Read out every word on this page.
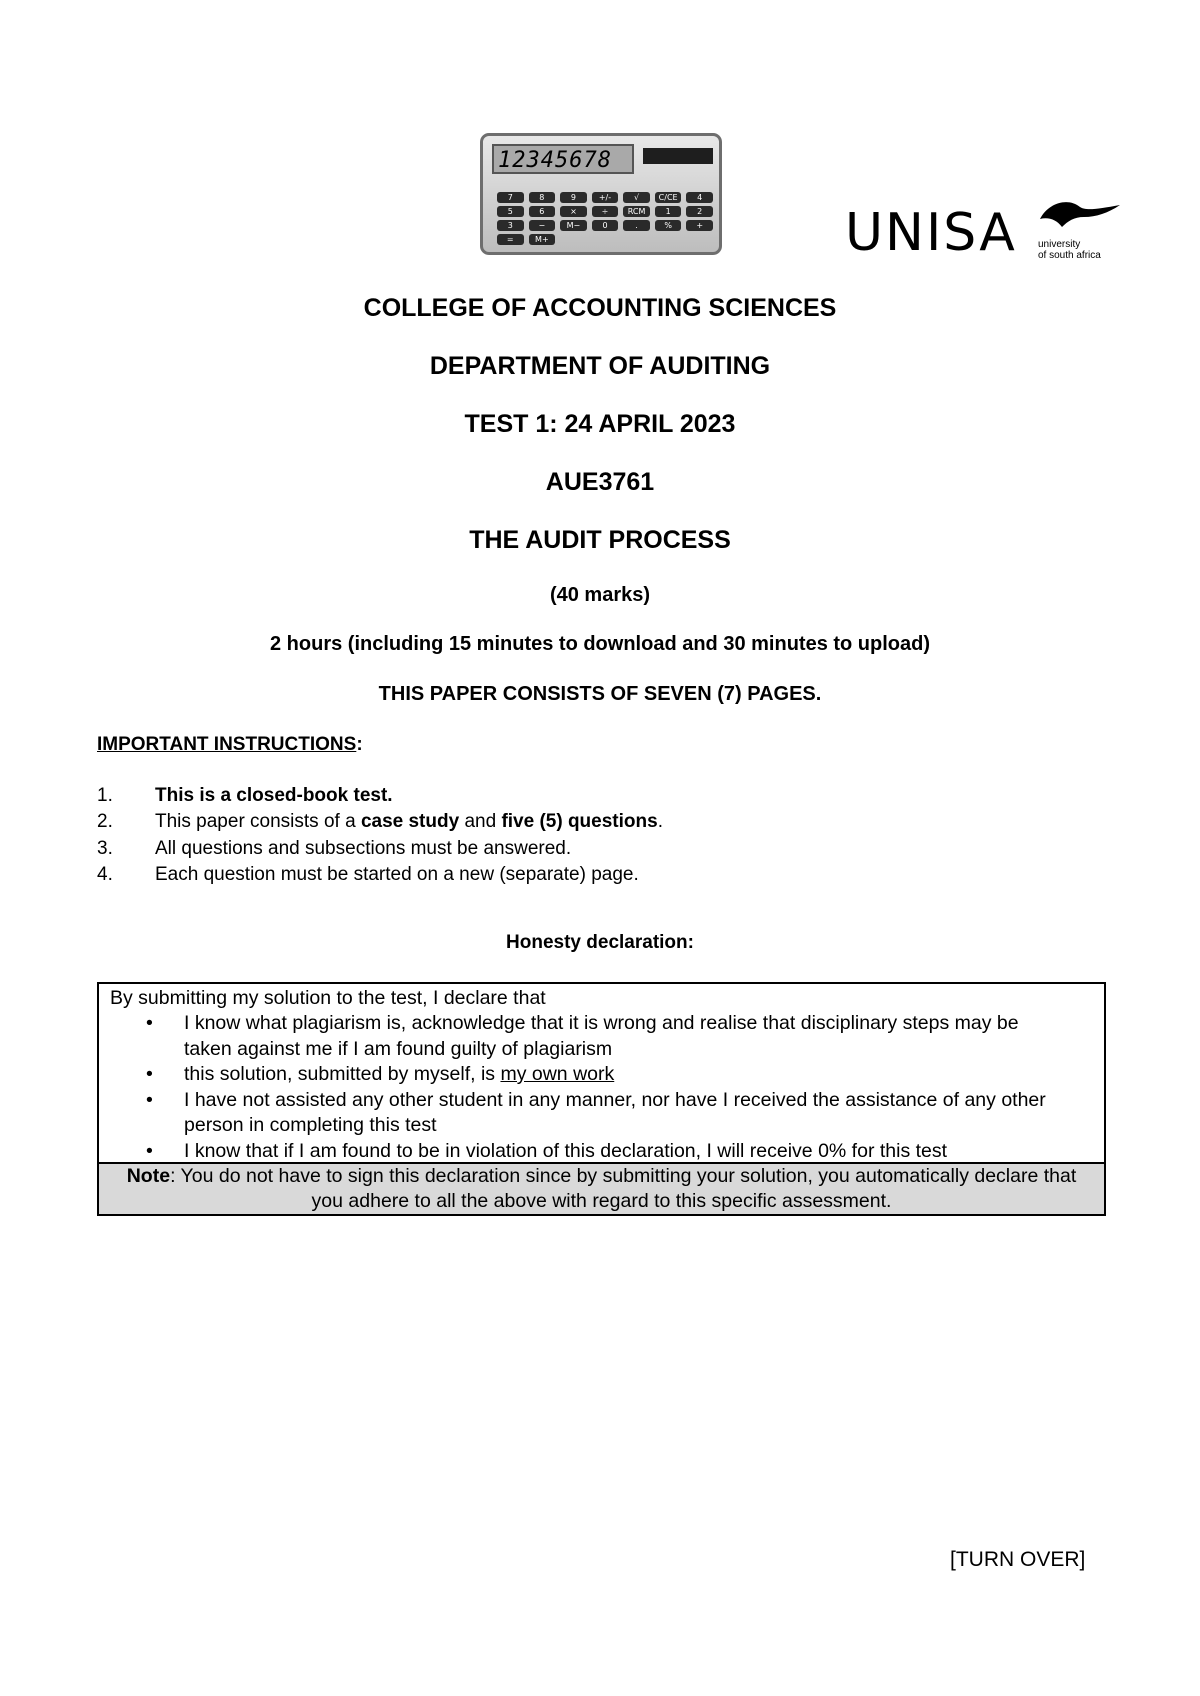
12345678
7	8	9	+/-	√	C/CE	4
5	6	×	÷	RCM	1	2
3	−	M−	0	.	%	+
=	M+	UNISA university
of south africa
COLLEGE OF ACCOUNTING SCIENCES
DEPARTMENT OF AUDITING
TEST 1: 24 APRIL 2023
AUE3761
THE AUDIT PROCESS
(40 marks)
2 hours (including 15 minutes to download and 30 minutes to upload)
THIS PAPER CONSISTS OF SEVEN (7) PAGES.
IMPORTANT INSTRUCTIONS:
1.	This is a closed-book test.
2.	This paper consists of a case study and five (5) questions.
3.	All questions and subsections must be answered.
4.	Each question must be started on a new (separate) page.
Honesty declaration:
By submitting my solution to the test, I declare that
• I know what plagiarism is, acknowledge that it is wrong and realise that disciplinary steps may be taken against me if I am found guilty of plagiarism
• this solution, submitted by myself, is my own work
• I have not assisted any other student in any manner, nor have I received the assistance of any other person in completing this test
• I know that if I am found to be in violation of this declaration, I will receive 0% for this test
Note: You do not have to sign this declaration since by submitting your solution, you automatically declare that you adhere to all the above with regard to this specific assessment.
[TURN OVER]
